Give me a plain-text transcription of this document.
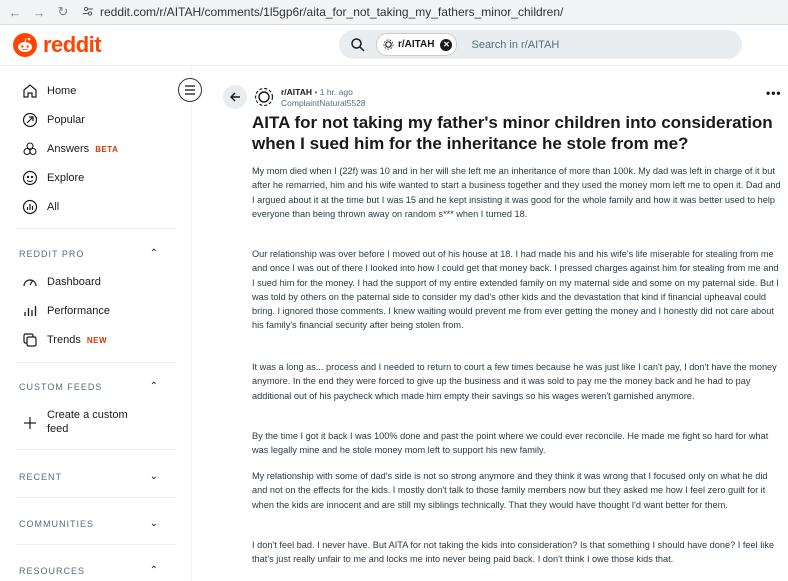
← → ↻	reddit.com/r/AITAH/comments/1l5gp6r/aita_for_not_taking_my_fathers_minor_children/
reddit	r/AITAH	✕ Search in r/AITAH
Home
Popular
Answers BETA
Explore
All
REDDIT PRO	⌃
Dashboard
Performance
Trends NEW
CUSTOM FEEDS	⌃
Create a custom
feed
RECENT	⌄
COMMUNITIES	⌄
RESOURCES	⌃
r/AITAH • 1 hr. ago
ComplaintNatural5528
•••
AITA for not taking my father's minor children into consideration when I sued him for the inheritance he stole from me?

My mom died when I (22f) was 10 and in her will she left me an inheritance of more than 100k. My dad was left in charge of it but after he remarried, him and his wife wanted to start a business together and they used the money mom left me to open it. Dad and I argued about it at the time but I was 15 and he kept insisting it was good for the whole family and how it was better used to help everyone than being thrown away on random s*** when I turned 18.

Our relationship was over before I moved out of his house at 18. I had made his and his wife's life miserable for stealing from me and once I was out of there I looked into how I could get that money back. I pressed charges against him for stealing from me and I sued him for the money. I had the support of my entire extended family on my maternal side and some on my paternal side. But I was told by others on the paternal side to consider my dad's other kids and the devastation that kind if financial upheaval could bring. I ignored those comments. I knew waiting would prevent me from ever getting the money and I honestly did not care about his family's financial security after being stolen from.

It was a long as... process and I needed to return to court a few times because he was just like I can't pay, I don't have the money anymore. In the end they were forced to give up the business and it was sold to pay me the money back and he had to pay additional out of his paycheck which made him empty their savings so his wages weren't garnished anymore.

By the time I got it back I was 100% done and past the point where we could ever reconcile. He made me fight so hard for what was legally mine and he stole money mom left to support his new family.

My relationship with some of dad's side is not so strong anymore and they think it was wrong that I focused only on what he did and not on the effects for the kids. I mostly don't talk to those family members now but they asked me how I feel zero guilt for it when the kids are innocent and are still my siblings technically. That they would have thought I'd want better for them.

I don't feel bad. I never have. But AITA for not taking the kids into consideration? Is that something I should have done? I feel like that's just really unfair to me and locks me into never being paid back. I don't think I owe those kids that.
